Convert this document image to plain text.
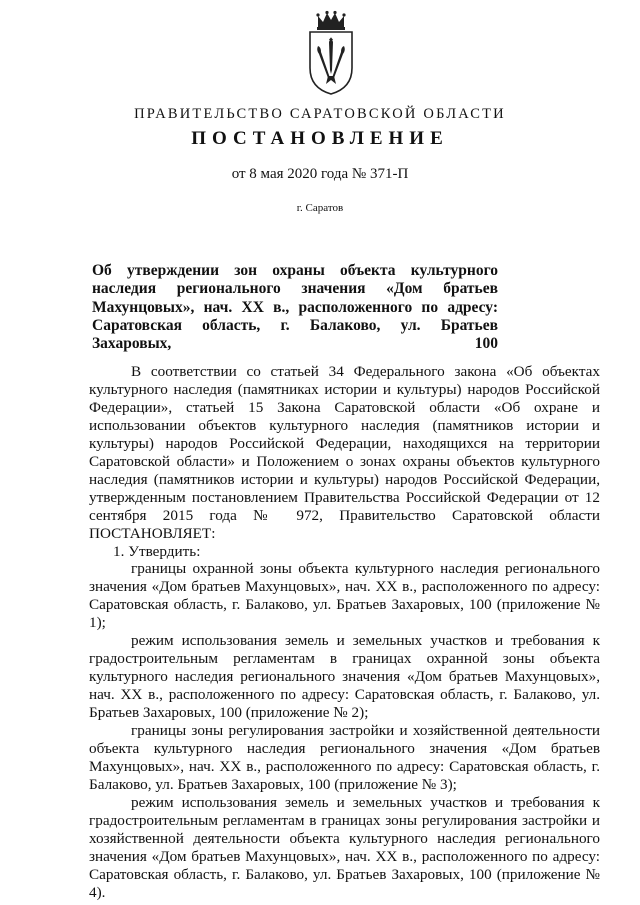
ПРАВИТЕЛЬСТВО САРАТОВСКОЙ ОБЛАСТИ
ПОСТАНОВЛЕНИЕ
от 8 мая 2020 года № 371-П
г. Саратов
Об утверждении зон охраны объекта культурного наследия регионального значения «Дом братьев Махунцовых», нач. XX в., расположенного по адресу: Саратовская область, г. Балаково, ул. Братьев Захаровых, 100

В соответствии со статьей 34 Федерального закона «Об объектах культурного наследия (памятниках истории и культуры) народов Российской Федерации», статьей 15 Закона Саратовской области «Об охране и использовании объектов культурного наследия (памятников истории и культуры) народов Российской Федерации, находящихся на территории Саратовской области» и Положением о зонах охраны объектов культурного наследия (памятников истории и культуры) народов Российской Федерации, утвержденным постановлением Правительства Российской Федерации от 12 сентября 2015 года № 972, Правительство Саратовской области ПОСТАНОВЛЯЕТ:

1. Утвердить:

границы охранной зоны объекта культурного наследия регионального значения «Дом братьев Махунцовых», нач. XX в., расположенного по адресу: Саратовская область, г. Балаково, ул. Братьев Захаровых, 100 (приложение № 1);

режим использования земель и земельных участков и требования к градостроительным регламентам в границах охранной зоны объекта культурного наследия регионального значения «Дом братьев Махунцовых», нач. XX в., расположенного по адресу: Саратовская область, г. Балаково, ул. Братьев Захаровых, 100 (приложение № 2);

границы зоны регулирования застройки и хозяйственной деятельности объекта культурного наследия регионального значения «Дом братьев Махунцовых», нач. XX в., расположенного по адресу: Саратовская область, г. Балаково, ул. Братьев Захаровых, 100 (приложение № 3);

режим использования земель и земельных участков и требования к градостроительным регламентам в границах зоны регулирования застройки и хозяйственной деятельности объекта культурного наследия регионального значения «Дом братьев Махунцовых», нач. XX в., расположенного по адресу: Саратовская область, г. Балаково, ул. Братьев Захаровых, 100 (приложение № 4).
